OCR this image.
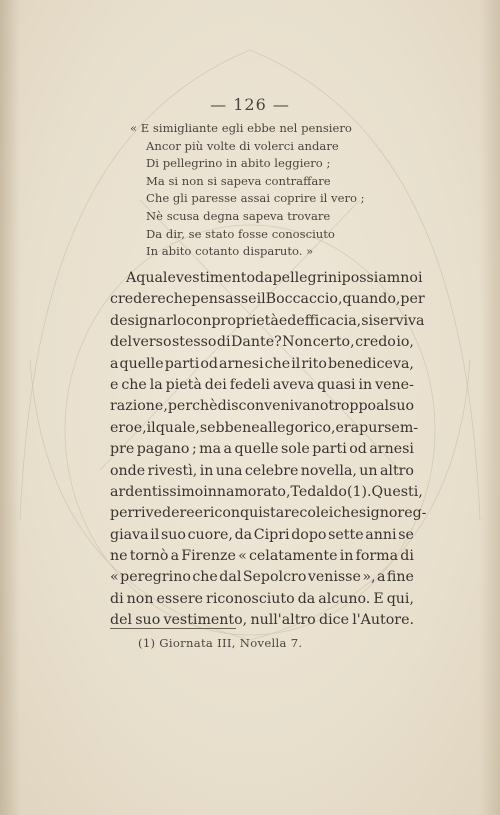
— 126 —
« E simigliante egli ebbe nel pensiero
Ancor più volte di volerci andare
Di pellegrino in abito leggiero ;
Ma si non si sapeva contraffare
Che gli paresse assai coprire il vero ;
Nè scusa degna sapeva trovare
Da dir, se stato fosse conosciuto
In abito cotanto disparuto. »
A quale vestimento da pellegrini possiam noi
credere che pensasse il Boccaccio, quando, per
designarlo con proprietà ed efficacia, si serviva
del verso stesso di Dante? Non certo, credo io,
a quelle parti od arnesi che il rito benediceva,
e che la pietà dei fedeli aveva quasi in vene-
razione, perchè disconvenivano troppo al suo
eroe, il quale, sebbene allegorico, era pur sem-
pre pagano ; ma a quelle sole parti od arnesi
onde rivestì, in una celebre novella, un altro
ardentissimo innamorato, Tedaldo (1). Questi,
per rivedere e riconquistare colei che signoreg-
giava il suo cuore, da Cipri dopo sette anni se
ne tornò a Firenze « celatamente in forma di
« peregrino che dal Sepolcro venisse », a fine
di non essere riconosciuto da alcuno. E qui,
del suo vestimento, null'altro dice l'Autore.
(1) Giornata III, Novella 7.
